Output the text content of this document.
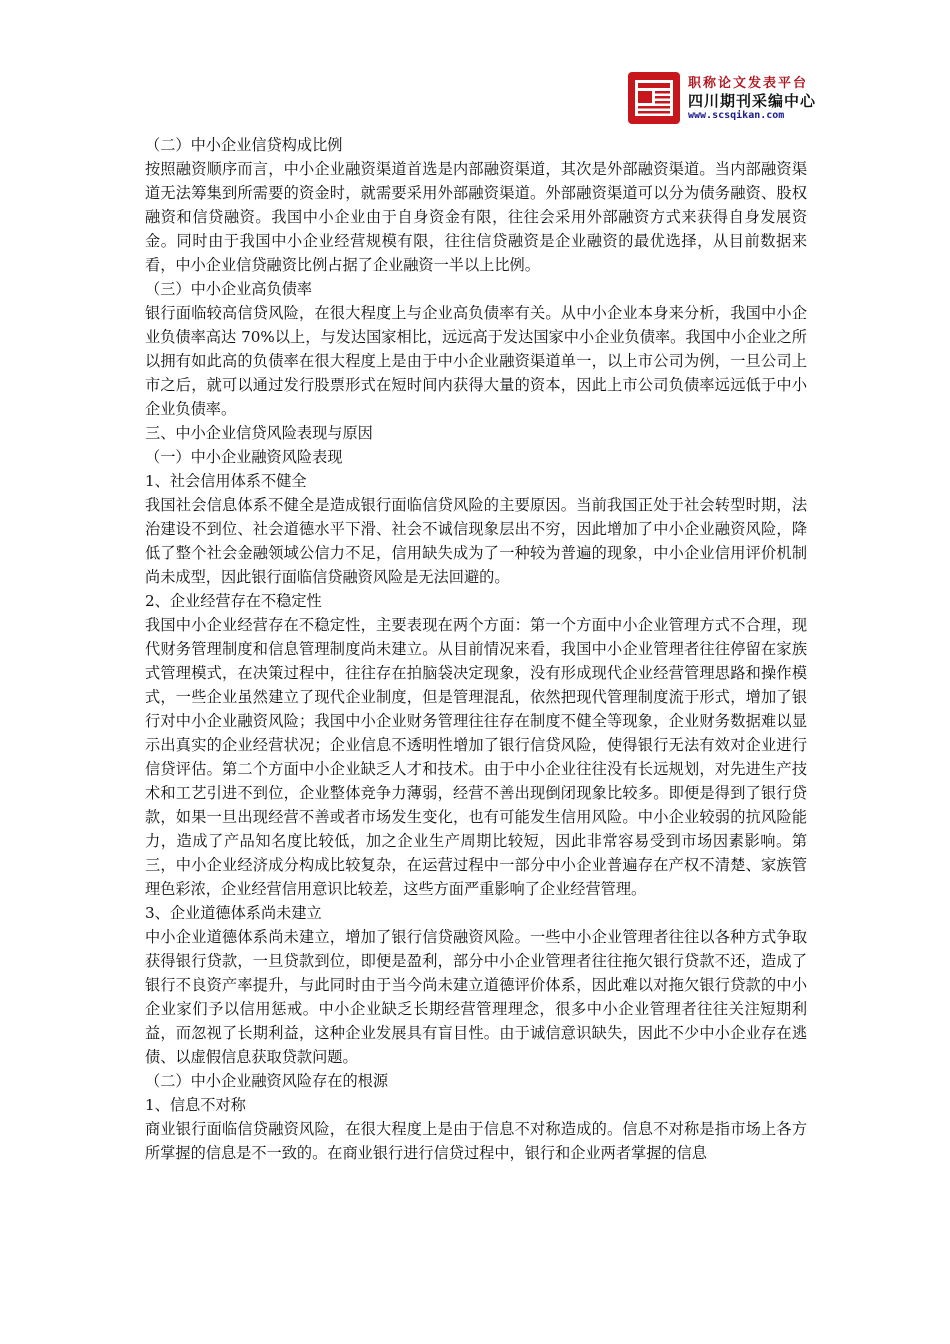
职称论文发表平台
四川期刊采编中心
www.scsqikan.com

（二）中小企业信贷构成比例

按照融资顺序而言，中小企业融资渠道首选是内部融资渠道，其次是外部融资渠道。当内部融资渠道无法筹集到所需要的资金时，就需要采用外部融资渠道。外部融资渠道可以分为债务融资、股权融资和信贷融资。我国中小企业由于自身资金有限，往往会采用外部融资方式来获得自身发展资金。同时由于我国中小企业经营规模有限，往往信贷融资是企业融资的最优选择，从目前数据来看，中小企业信贷融资比例占据了企业融资一半以上比例。

（三）中小企业高负债率

银行面临较高信贷风险，在很大程度上与企业高负债率有关。从中小企业本身来分析，我国中小企业负债率高达 70%以上，与发达国家相比，远远高于发达国家中小企业负债率。我国中小企业之所以拥有如此高的负债率在很大程度上是由于中小企业融资渠道单一，以上市公司为例，一旦公司上市之后，就可以通过发行股票形式在短时间内获得大量的资本，因此上市公司负债率远远低于中小企业负债率。

三、中小企业信贷风险表现与原因

（一）中小企业融资风险表现

1、社会信用体系不健全

我国社会信息体系不健全是造成银行面临信贷风险的主要原因。当前我国正处于社会转型时期，法治建设不到位、社会道德水平下滑、社会不诚信现象层出不穷，因此增加了中小企业融资风险，降低了整个社会金融领域公信力不足，信用缺失成为了一种较为普遍的现象，中小企业信用评价机制尚未成型，因此银行面临信贷融资风险是无法回避的。

2、企业经营存在不稳定性

我国中小企业经营存在不稳定性，主要表现在两个方面：第一个方面中小企业管理方式不合理，现代财务管理制度和信息管理制度尚未建立。从目前情况来看，我国中小企业管理者往往停留在家族式管理模式，在决策过程中，往往存在拍脑袋决定现象，没有形成现代企业经营管理思路和操作模式，一些企业虽然建立了现代企业制度，但是管理混乱，依然把现代管理制度流于形式，增加了银行对中小企业融资风险；我国中小企业财务管理往往存在制度不健全等现象，企业财务数据难以显示出真实的企业经营状况；企业信息不透明性增加了银行信贷风险，使得银行无法有效对企业进行信贷评估。第二个方面中小企业缺乏人才和技术。由于中小企业往往没有长远规划，对先进生产技术和工艺引进不到位，企业整体竞争力薄弱，经营不善出现倒闭现象比较多。即便是得到了银行贷款，如果一旦出现经营不善或者市场发生变化，也有可能发生信用风险。中小企业较弱的抗风险能力，造成了产品知名度比较低，加之企业生产周期比较短，因此非常容易受到市场因素影响。第三，中小企业经济成分构成比较复杂，在运营过程中一部分中小企业普遍存在产权不清楚、家族管理色彩浓，企业经营信用意识比较差，这些方面严重影响了企业经营管理。

3、企业道德体系尚未建立

中小企业道德体系尚未建立，增加了银行信贷融资风险。一些中小企业管理者往往以各种方式争取获得银行贷款，一旦贷款到位，即便是盈利，部分中小企业管理者往往拖欠银行贷款不还，造成了银行不良资产率提升，与此同时由于当今尚未建立道德评价体系，因此难以对拖欠银行贷款的中小企业家们予以信用惩戒。中小企业缺乏长期经营管理理念，很多中小企业管理者往往关注短期利益，而忽视了长期利益，这种企业发展具有盲目性。由于诚信意识缺失，因此不少中小企业存在逃债、以虚假信息获取贷款问题。

（二）中小企业融资风险存在的根源

1、信息不对称

商业银行面临信贷融资风险，在很大程度上是由于信息不对称造成的。信息不对称是指市场上各方所掌握的信息是不一致的。在商业银行进行信贷过程中，银行和企业两者掌握的信息
